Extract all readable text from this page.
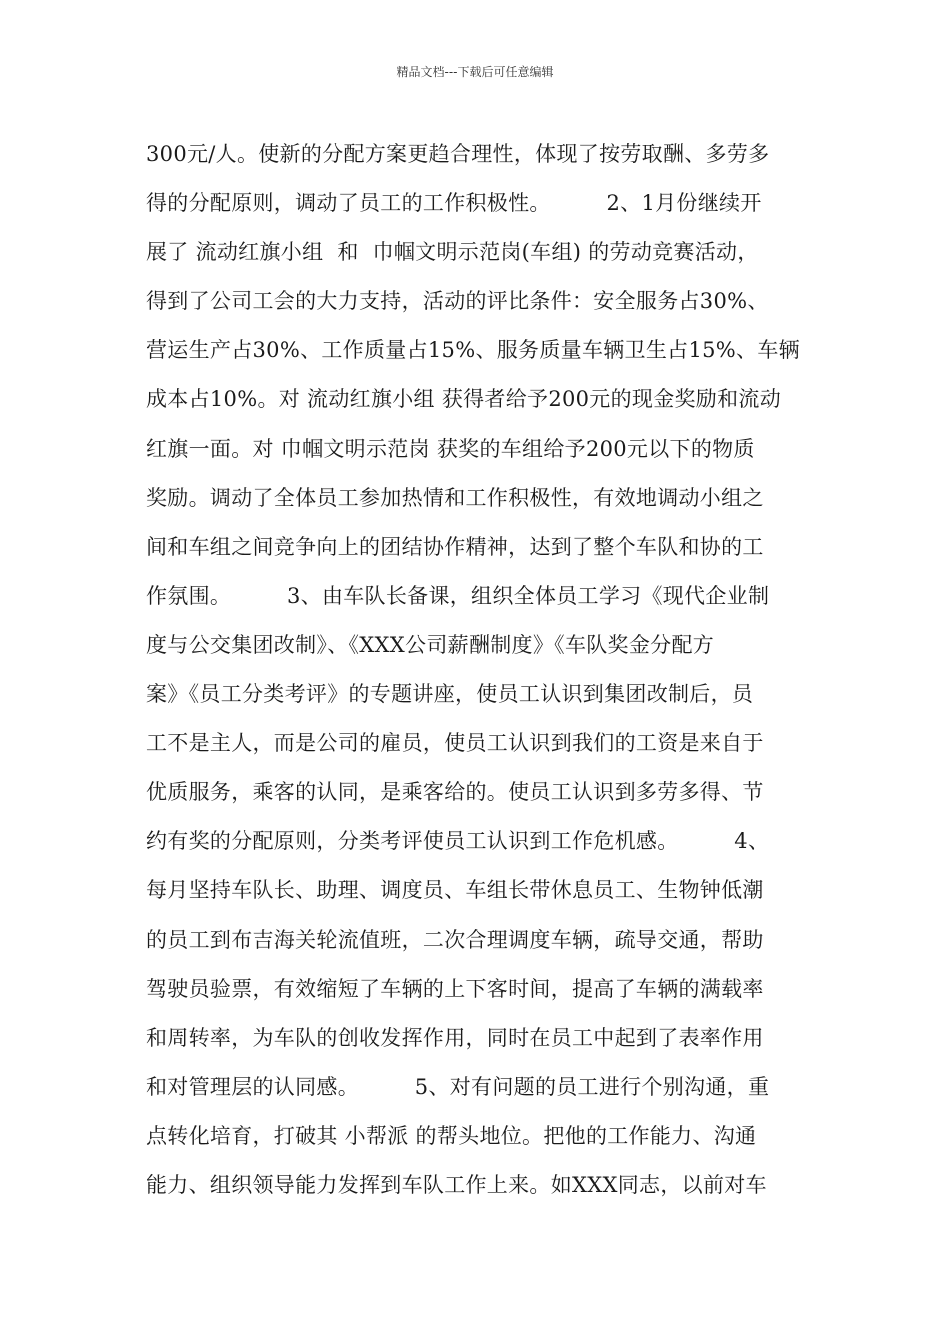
精品文档---下载后可任意编辑
300元/人。使新的分配方案更趋合理性，体现了按劳取酬、多劳多
得的分配原则，调动了员工的工作积极性。        2、1月份继续开
展了 流动红旗小组  和  巾帼文明示范岗(车组) 的劳动竞赛活动，
得到了公司工会的大力支持，活动的评比条件：安全服务占30%、
营运生产占30%、工作质量占15%、服务质量车辆卫生占15%、车辆
成本占10%。对 流动红旗小组 获得者给予200元的现金奖励和流动
红旗一面。对 巾帼文明示范岗 获奖的车组给予200元以下的物质
奖励。调动了全体员工参加热情和工作积极性，有效地调动小组之
间和车组之间竞争向上的团结协作精神，达到了整个车队和协的工
作氛围。        3、由车队长备课，组织全体员工学习《现代企业制
度与公交集团改制》、《XXX公司薪酬制度》《车队奖金分配方
案》《员工分类考评》的专题讲座，使员工认识到集团改制后，员
工不是主人，而是公司的雇员，使员工认识到我们的工资是来自于
优质服务，乘客的认同，是乘客给的。使员工认识到多劳多得、节
约有奖的分配原则，分类考评使员工认识到工作危机感。        4、
每月坚持车队长、助理、调度员、车组长带休息员工、生物钟低潮
的员工到布吉海关轮流值班，二次合理调度车辆，疏导交通，帮助
驾驶员验票，有效缩短了车辆的上下客时间，提高了车辆的满载率
和周转率，为车队的创收发挥作用，同时在员工中起到了表率作用
和对管理层的认同感。        5、对有问题的员工进行个别沟通，重
点转化培育，打破其 小帮派 的帮头地位。把他的工作能力、沟通
能力、组织领导能力发挥到车队工作上来。如XXX同志，以前对车
